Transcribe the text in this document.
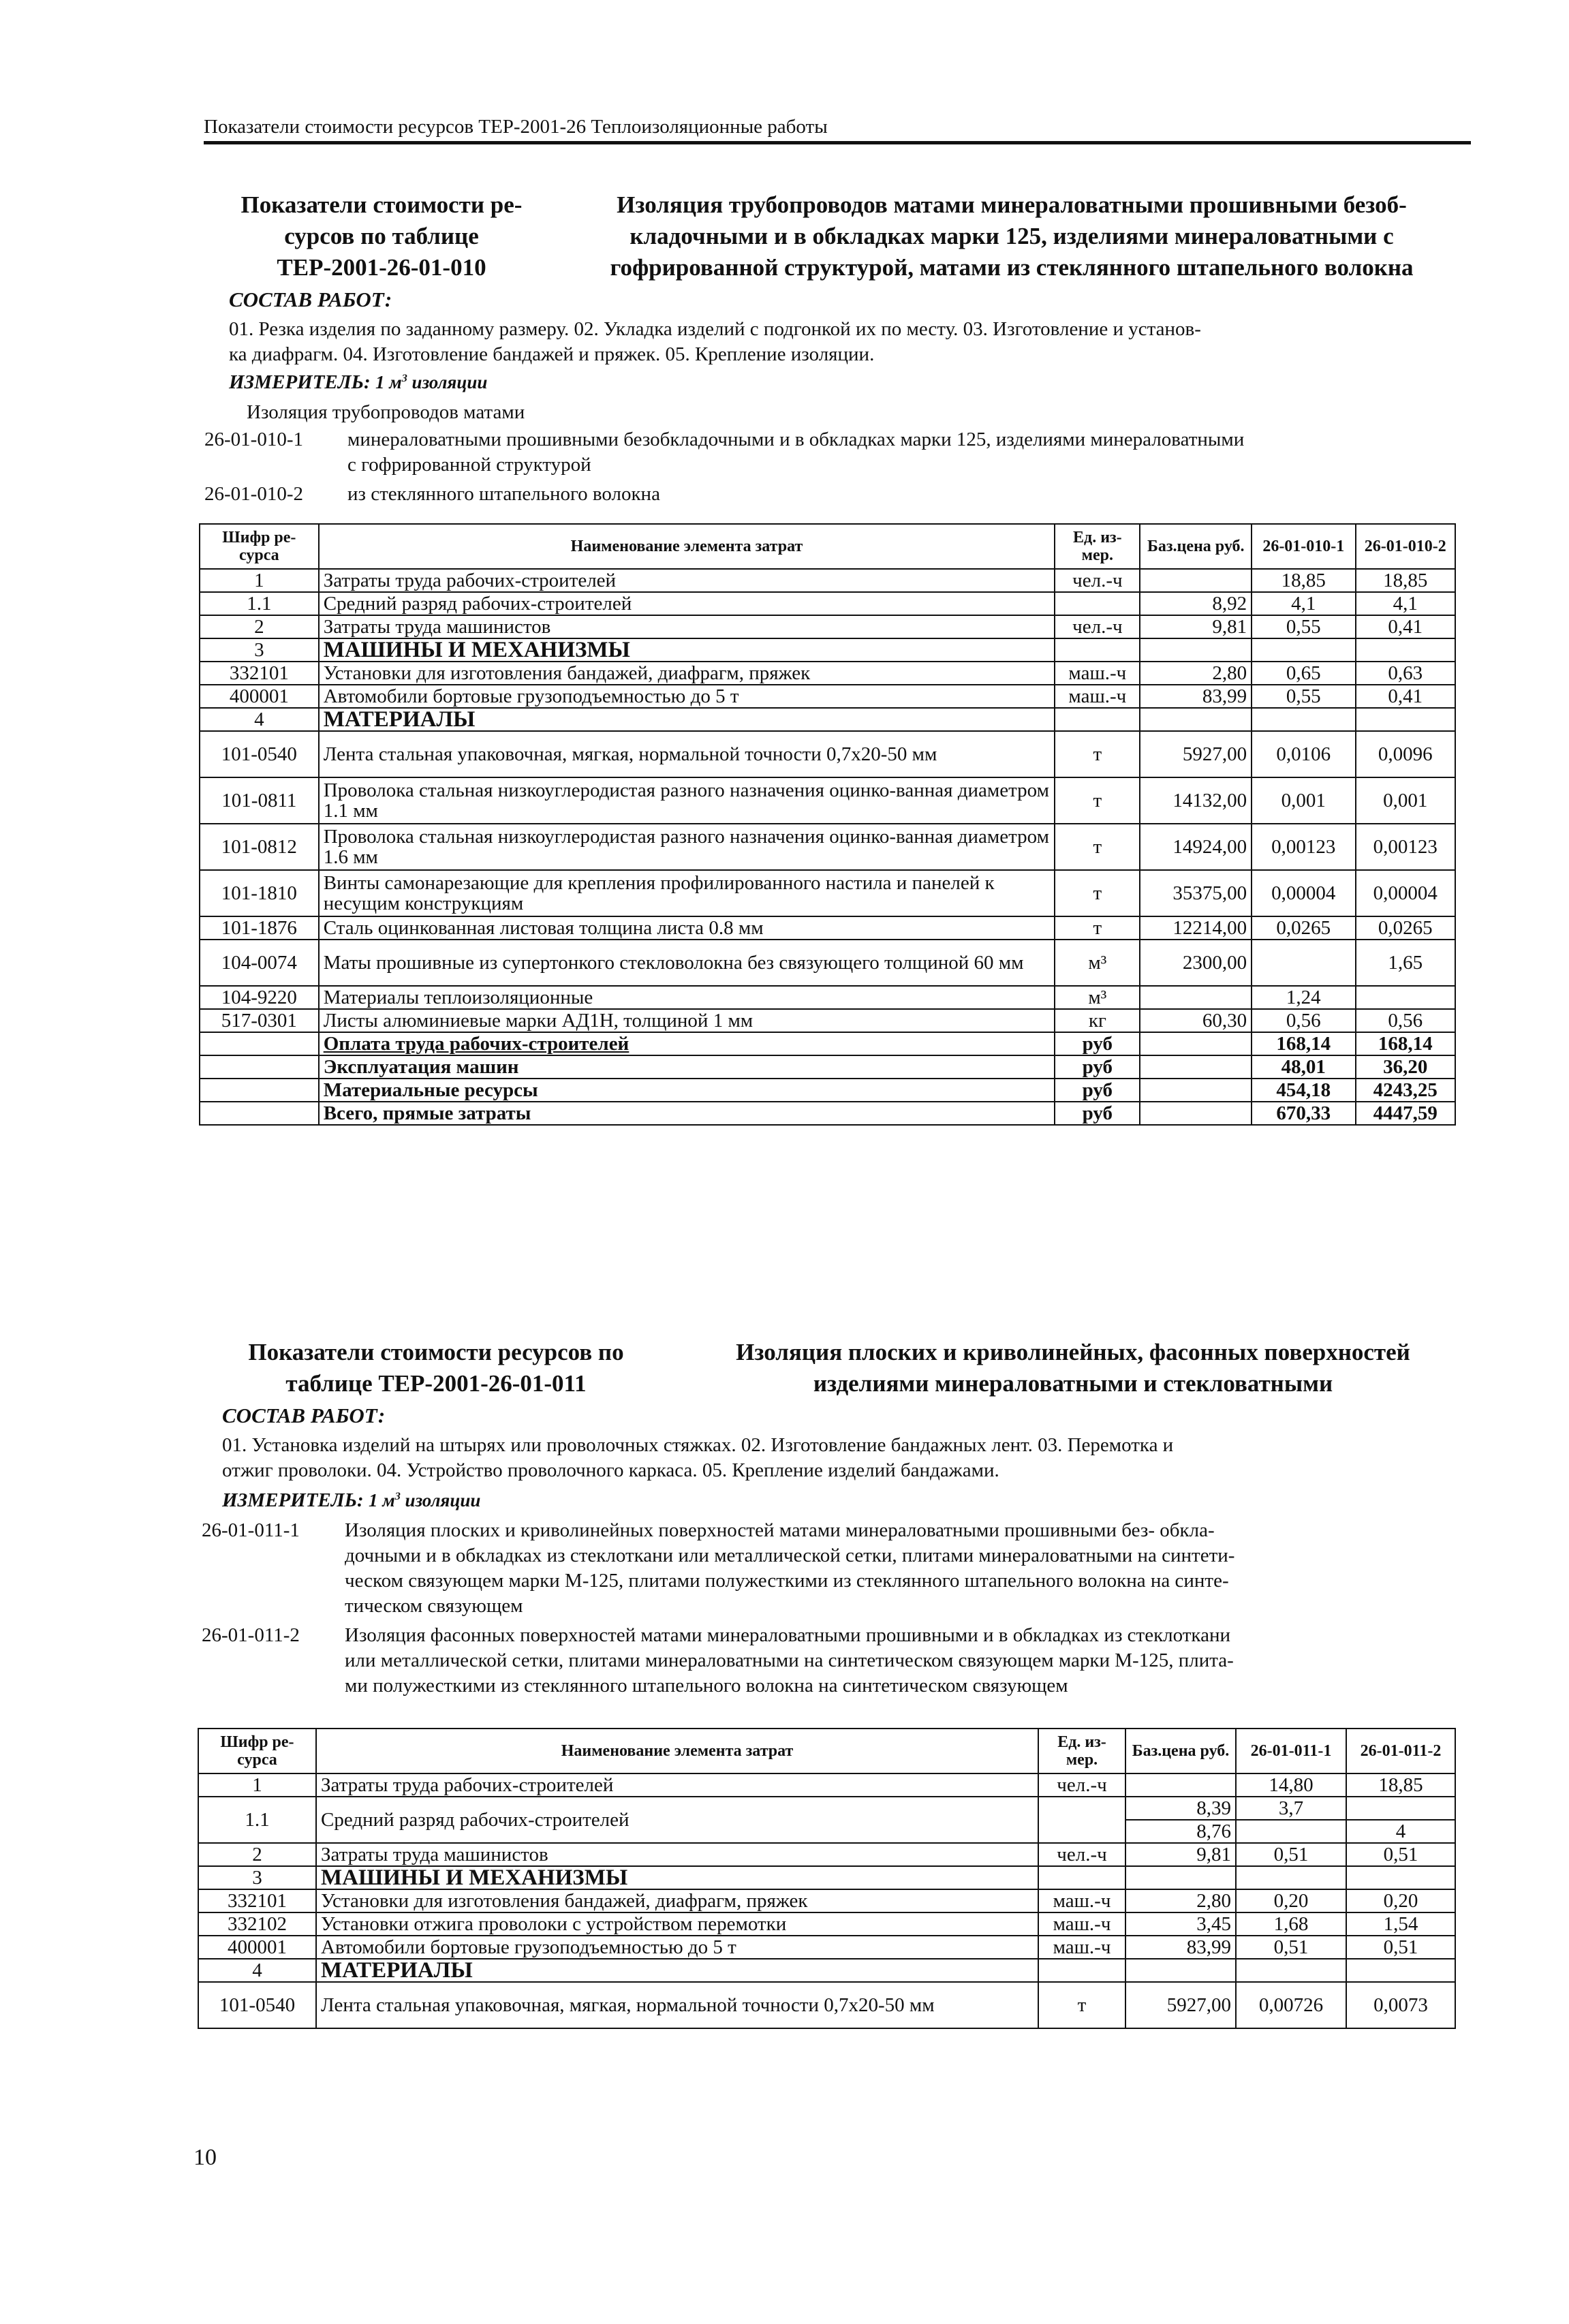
Показатели стоимости ресурсов ТЕР-2001-26 Теплоизоляционные работы
Показатели стоимости ре-
сурсов по таблице
ТЕР-2001-26-01-010
Изоляция трубопроводов матами минераловатными прошивными безоб-
кладочными и в обкладках марки 125, изделиями минераловатными с
гофрированной структурой, матами из стеклянного штапельного волокна
СОСТАВ РАБОТ:
01. Резка изделия по заданному размеру. 02. Укладка изделий с подгонкой их по месту. 03. Изготовление и установ-
ка диафрагм. 04. Изготовление бандажей и пряжек. 05. Крепление изоляции.
ИЗМЕРИТЕЛЬ: 1 $м^3$ изоляции
Изоляция трубопроводов матами
26-01-010-1	минераловатными прошивными безобкладочными и в обкладках марки 125, изделиями минераловатными
с гофрированной структурой
26-01-010-2	из стеклянного штапельного волокна
Шифр ре-сурса	Наименование элемента затрат	Ед. из-мер.	Баз.цена руб.	26-01-010-1	26-01-010-2
1	Затраты труда рабочих-строителей	чел.-ч		18,85	18,85
1.1	Средний разряд рабочих-строителей		8,92	4,1	4,1
2	Затраты труда машинистов	чел.-ч	9,81	0,55	0,41
3	МАШИНЫ И МЕХАНИЗМЫ				
332101	Установки для изготовления бандажей, диафрагм, пряжек	маш.-ч	2,80	0,65	0,63
400001	Автомобили бортовые грузоподъемностью до 5 т	маш.-ч	83,99	0,55	0,41
4	МАТЕРИАЛЫ				
101-0540	Лента стальная упаковочная, мягкая, нормальной точности 0,7х20-50 мм	т	5927,00	0,0106	0,0096
101-0811	Проволока стальная низкоуглеродистая разного назначения оцинко-ванная диаметром 1.1 мм	т	14132,00	0,001	0,001
101-0812	Проволока стальная низкоуглеродистая разного назначения оцинко-ванная диаметром 1.6 мм	т	14924,00	0,00123	0,00123
101-1810	Винты самонарезающие для крепления профилированного настила и панелей к несущим конструкциям	т	35375,00	0,00004	0,00004
101-1876	Сталь оцинкованная листовая толщина листа 0.8 мм	т	12214,00	0,0265	0,0265
104-0074	Маты прошивные из супертонкого стекловолокна без связующего толщиной 60 мм	м³	2300,00		1,65
104-9220	Материалы теплоизоляционные	м³		1,24	
517-0301	Листы алюминиевые марки АД1Н, толщиной 1 мм	кг	60,30	0,56	0,56
	Оплата труда рабочих-строителей	руб		168,14	168,14
	Эксплуатация машин	руб		48,01	36,20
	Материальные ресурсы	руб		454,18	4243,25
	Всего, прямые затраты	руб		670,33	4447,59
Показатели стоимости ресурсов по
таблице ТЕР-2001-26-01-011
Изоляция плоских и криволинейных, фасонных поверхностей
изделиями минераловатными и стекловатными
СОСТАВ РАБОТ:
01. Установка изделий на штырях или проволочных стяжках. 02. Изготовление бандажных лент. 03. Перемотка и
отжиг проволоки. 04. Устройство проволочного каркаса. 05. Крепление изделий бандажами.
ИЗМЕРИТЕЛЬ: 1 $м^3$ изоляции
26-01-011-1	Изоляция плоских и криволинейных поверхностей матами минераловатными прошивными без- обкла-
дочными и в обкладках из стеклоткани или металлической сетки, плитами минераловатными на синтети-
ческом связующем марки М-125, плитами полужесткими из стеклянного штапельного волокна на синте-
тическом связующем
26-01-011-2	Изоляция фасонных поверхностей матами минераловатными прошивными и в обкладках из стеклоткани
или металлической сетки, плитами минераловатными на синтетическом связующем марки М-125, плита-
ми полужесткими из стеклянного штапельного волокна на синтетическом связующем
Шифр ре-сурса	Наименование элемента затрат	Ед. из-мер.	Баз.цена руб.	26-01-011-1	26-01-011-2
1	Затраты труда рабочих-строителей	чел.-ч		14,80	18,85
1.1	Средний разряд рабочих-строителей		8,39	3,7	
			8,76		4
2	Затраты труда машинистов	чел.-ч	9,81	0,51	0,51
3	МАШИНЫ И МЕХАНИЗМЫ				
332101	Установки для изготовления бандажей, диафрагм, пряжек	маш.-ч	2,80	0,20	0,20
332102	Установки отжига проволоки с устройством перемотки	маш.-ч	3,45	1,68	1,54
400001	Автомобили бортовые грузоподъемностью до 5 т	маш.-ч	83,99	0,51	0,51
4	МАТЕРИАЛЫ				
101-0540	Лента стальная упаковочная, мягкая, нормальной точности 0,7х20-50 мм	т	5927,00	0,00726	0,0073
10
